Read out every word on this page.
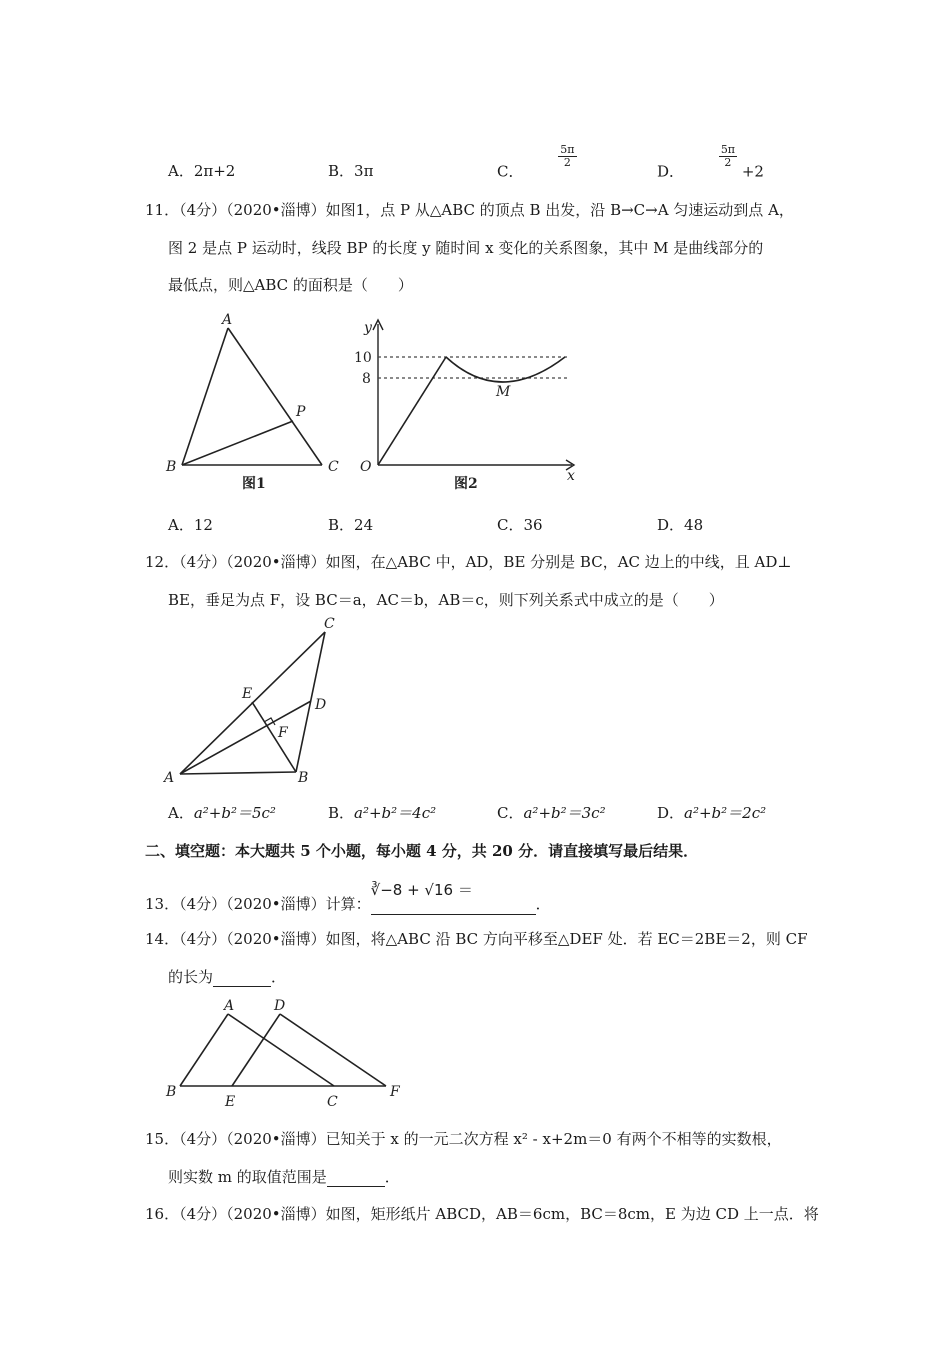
A．2π+2	B．3π	C．
$\frac{5\pi}{2}$
D．
$\frac{5\pi}{2}$
+2
11．（4分）（2020•淄博）如图1，点 P 从△ABC 的顶点 B 出发，沿 B→C→A 匀速运动到点 A，
图 2 是点 P 运动时，线段 BP 的长度 y 随时间 x 变化的关系图象，其中 M 是曲线部分的
最低点，则△ABC 的面积是（　　）
A
B	C
P
图1
y
x
O
10
8
M
图2
A．12	B．24	C．36	D．48
12．（4分）（2020•淄博）如图，在△ABC 中，AD，BE 分别是 BC，AC 边上的中线，且 AD⊥
BE，垂足为点 F，设 BC＝a，AC＝b，AB＝c，则下列关系式中成立的是（　　）
C
E
D
F
A	B
A．a²+b²＝5c²	B．a²+b²＝4c²	C．a²+b²＝3c²	D．a²+b²＝2c²
二、填空题：本大题共 5 个小题，每小题 4 分，共 20 分．请直接填写最后结果．
13．（4分）（2020•淄博）计算：∛−8 + √16 ＝．
14．（4分）（2020•淄博）如图，将△ABC 沿 BC 方向平移至△DEF 处．若 EC＝2BE＝2，则 CF
的长为	．
A	D
B
E	C
F
15．（4分）（2020•淄博）已知关于 x 的一元二次方程 x² - x+2m＝0 有两个不相等的实数根，
则实数 m 的取值范围是	．
16．（4分）（2020•淄博）如图，矩形纸片 ABCD，AB＝6cm，BC＝8cm，E 为边 CD 上一点．将
